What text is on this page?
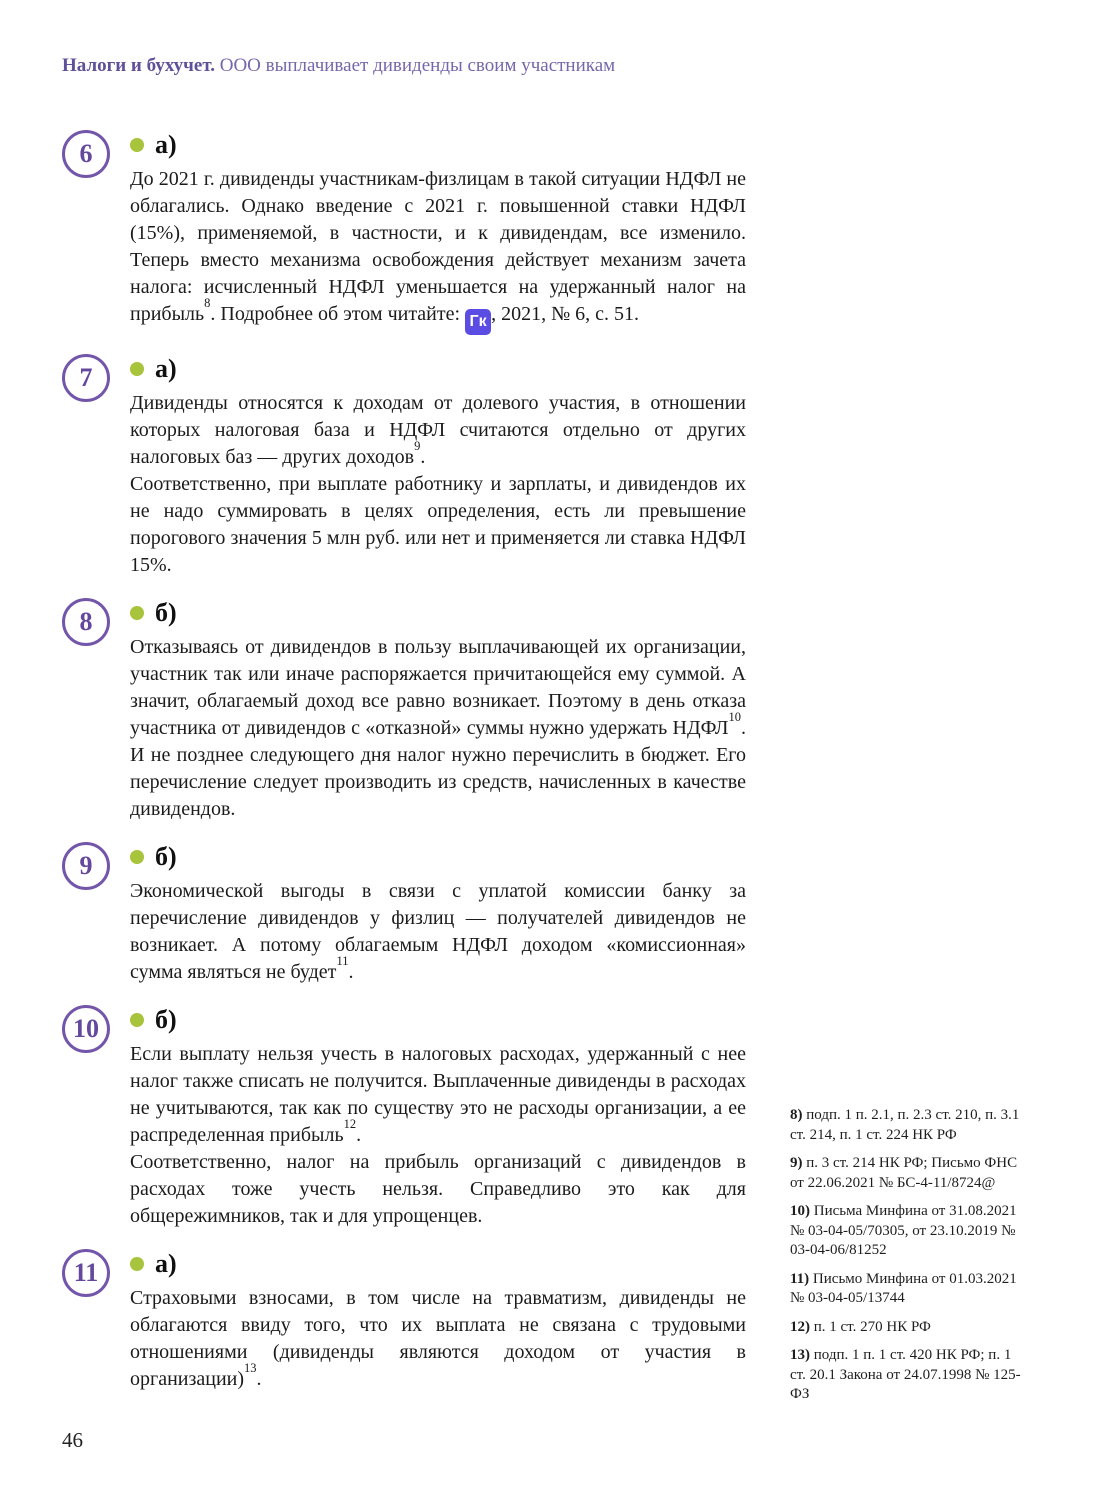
Налоги и бухучет. ООО выплачивает дивиденды своим участникам
6 а)

До 2021 г. дивиденды участникам-физлицам в такой ситуации НДФЛ не облагались. Однако введение с 2021 г. повышенной ставки НДФЛ (15%), применяемой, в частности, и к дивидендам, все изменило. Теперь вместо механизма освобождения действует механизм зачета налога: исчисленный НДФЛ уменьшается на удержанный налог на прибыль$^8$. Подробнее об этом читайте: Гк , 2021, № 6, с. 51.

7 а)

Дивиденды относятся к доходам от долевого участия, в отношении которых налоговая база и НДФЛ считаются отдельно от других налоговых баз — других доходов$^9$.

Соответственно, при выплате работнику и зарплаты, и дивидендов их не надо суммировать в целях определения, есть ли превышение порогового значения 5 млн руб. или нет и применяется ли ставка НДФЛ 15%.

8 б)

Отказываясь от дивидендов в пользу выплачивающей их организации, участник так или иначе распоряжается причитающейся ему суммой. А значит, облагаемый доход все равно возникает. Поэтому в день отказа участника от дивидендов с «отказной» суммы нужно удержать НДФЛ$^{10}$. И не позднее следующего дня налог нужно перечислить в бюджет. Его перечисление следует производить из средств, начисленных в качестве дивидендов.

9 б)

Экономической выгоды в связи с уплатой комиссии банку за перечисление дивидендов у физлиц — получателей дивидендов не возникает. А потому облагаемым НДФЛ доходом «комиссионная» сумма являться не будет$^{11}$.

10 б)

Если выплату нельзя учесть в налоговых расходах, удержанный с нее налог также списать не получится. Выплаченные дивиденды в расходах не учитываются, так как по существу это не расходы организации, а ее распределенная прибыль$^{12}$.

Соответственно, налог на прибыль организаций с дивидендов в расходах тоже учесть нельзя. Справедливо это как для общережимников, так и для упрощенцев.

11 а)

Страховыми взносами, в том числе на травматизм, дивиденды не облагаются ввиду того, что их выплата не связана с трудовыми отношениями (дивиденды являются доходом от участия в организации)$^{13}$.

8) подп. 1 п. 2.1, п. 2.3 ст. 210, п. 3.1 ст. 214, п. 1 ст. 224 НК РФ

9) п. 3 ст. 214 НК РФ; Письмо ФНС от 22.06.2021 № БС-4-11/8724@

10) Письма Минфина от 31.08.2021 № 03-04-05/70305, от 23.10.2019 № 03-04-06/81252

11) Письмо Минфина от 01.03.2021 № 03-04-05/13744

12) п. 1 ст. 270 НК РФ

13) подп. 1 п. 1 ст. 420 НК РФ; п. 1 ст. 20.1 Закона от 24.07.1998 № 125-ФЗ

46
